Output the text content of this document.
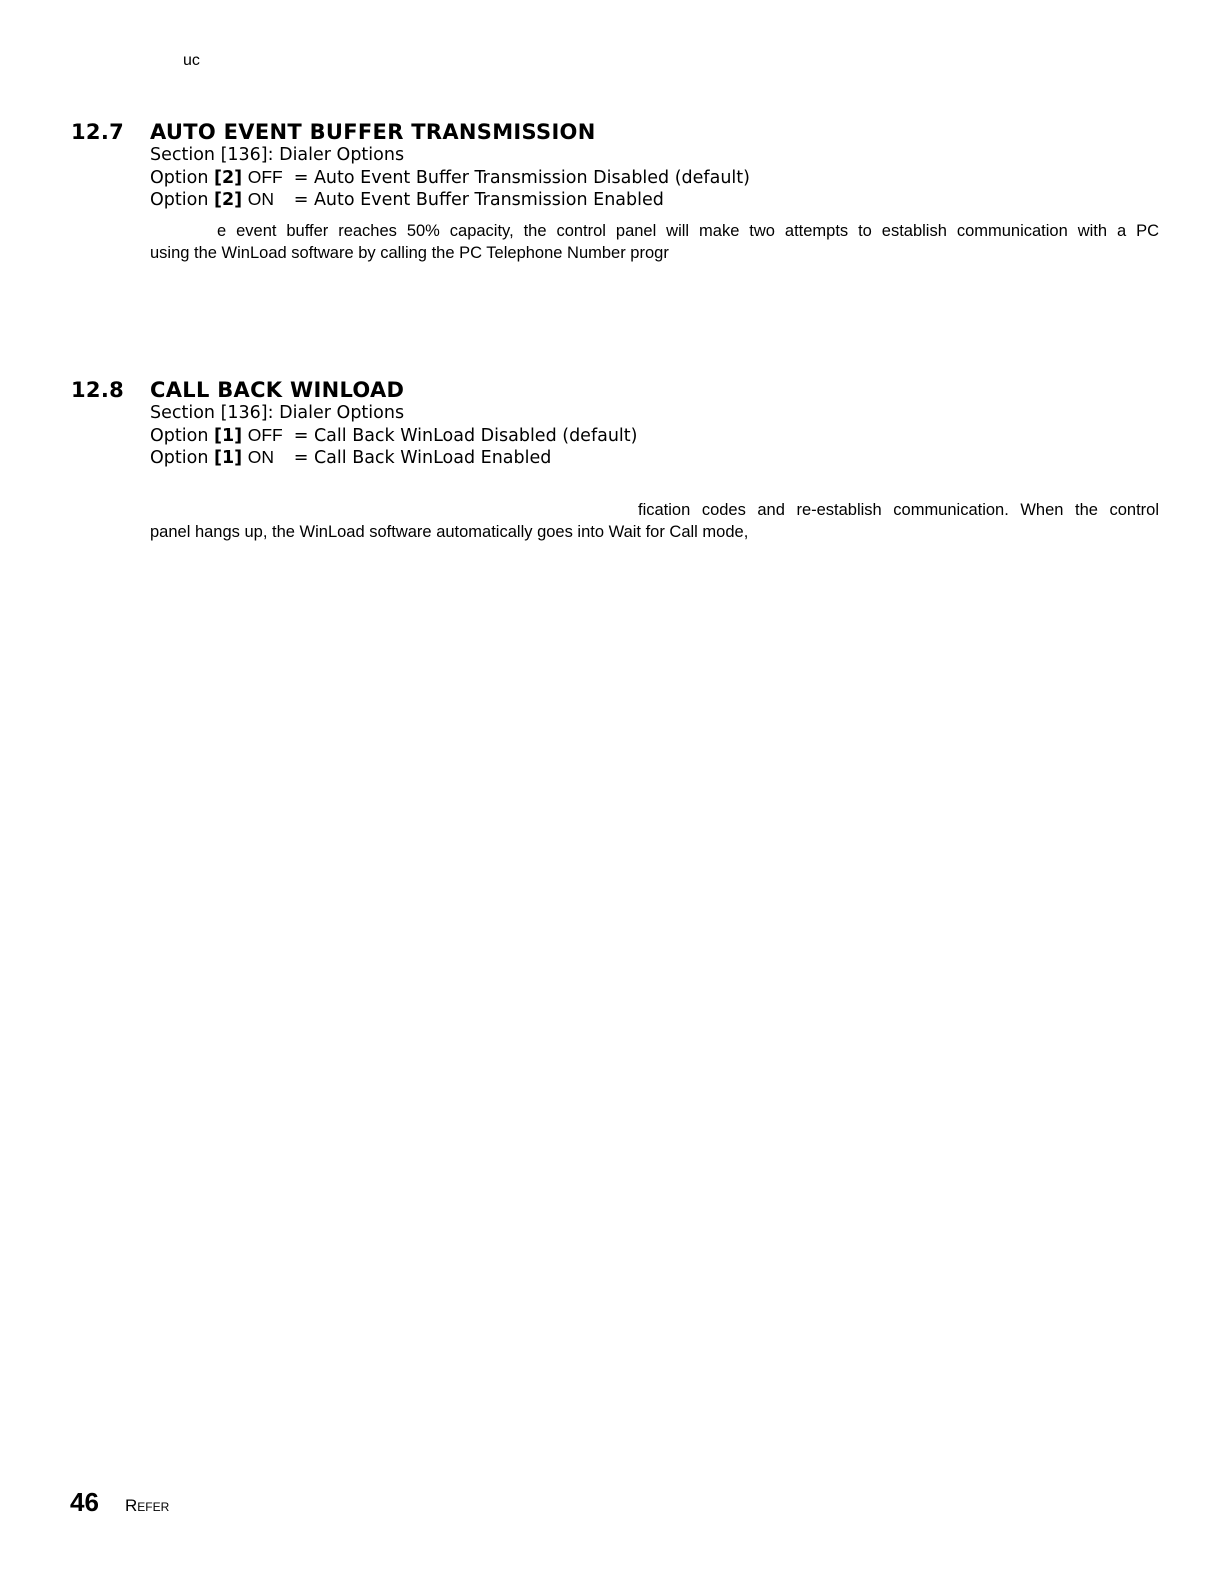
uc
12.7 AUTO EVENT BUFFER TRANSMISSION
Section [136]: Dialer Options
Option [2] OFF = Auto Event Buffer Transmission Disabled (default)
Option [2] ON = Auto Event Buffer Transmission Enabled
e event buffer reaches 50% capacity, the control panel will make two attempts to establish communication with a PC
using the WinLoad software by calling the PC Telephone Number progr
12.8 CALL BACK WINLOAD
Section [136]: Dialer Options
Option [1] OFF = Call Back WinLoad Disabled (default)
Option [1] ON = Call Back WinLoad Enabled
fication codes and re-establish communication. When the control
panel hangs up, the WinLoad software automatically goes into Wait for Call mode,
46 Refer
